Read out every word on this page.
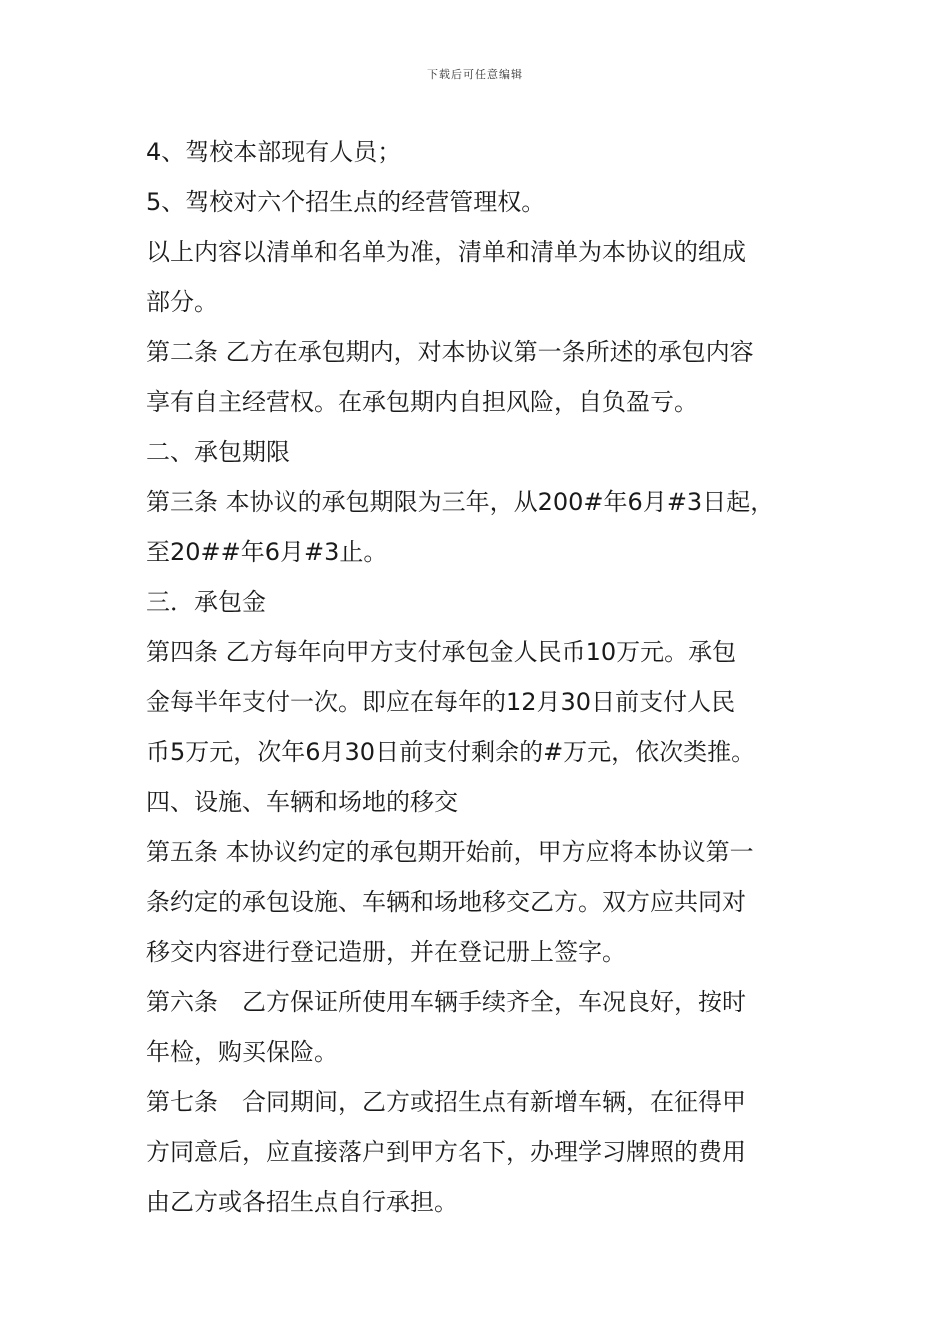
下载后可任意编辑
4、驾校本部现有人员；
5、驾校对六个招生点的经营管理权。
以上内容以清单和名单为准，清单和清单为本协议的组成
部分。
第二条 乙方在承包期内，对本协议第一条所述的承包内容
享有自主经营权。在承包期内自担风险，自负盈亏。
二、承包期限
第三条 本协议的承包期限为三年，从200#年6月#3日起，
至20##年6月#3止。
三．承包金
第四条 乙方每年向甲方支付承包金人民币10万元。承包
金每半年支付一次。即应在每年的12月30日前支付人民
币5万元，次年6月30日前支付剩余的#万元，依次类推。
四、设施、车辆和场地的移交
第五条 本协议约定的承包期开始前，甲方应将本协议第一
条约定的承包设施、车辆和场地移交乙方。双方应共同对
移交内容进行登记造册，并在登记册上签字。
第六条　乙方保证所使用车辆手续齐全，车况良好，按时
年检，购买保险。
第七条　合同期间，乙方或招生点有新增车辆，在征得甲
方同意后，应直接落户到甲方名下，办理学习牌照的费用
由乙方或各招生点自行承担。
